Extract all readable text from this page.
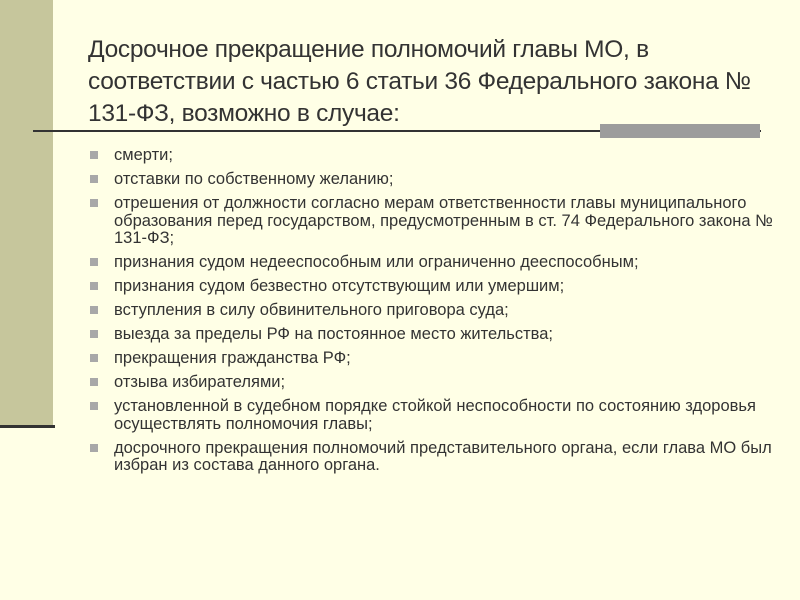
Досрочное прекращение полномочий главы МО, в соответствии с частью 6 статьи 36 Федерального закона № 131-ФЗ, возможно в случае:
смерти;
отставки по собственному желанию;
отрешения от должности согласно мерам ответственности главы муниципального образования перед государством, предусмотренным в ст. 74 Федерального закона № 131-ФЗ;
признания судом недееспособным или ограниченно дееспособным;
признания судом безвестно отсутствующим или умершим;
вступления в силу обвинительного приговора суда;
выезда за пределы РФ на постоянное место жительства;
прекращения гражданства РФ;
отзыва избирателями;
установленной в судебном порядке стойкой неспособности по состоянию здоровья осуществлять полномочия главы;
досрочного прекращения полномочий представительного органа, если глава МО был избран из состава данного органа.
